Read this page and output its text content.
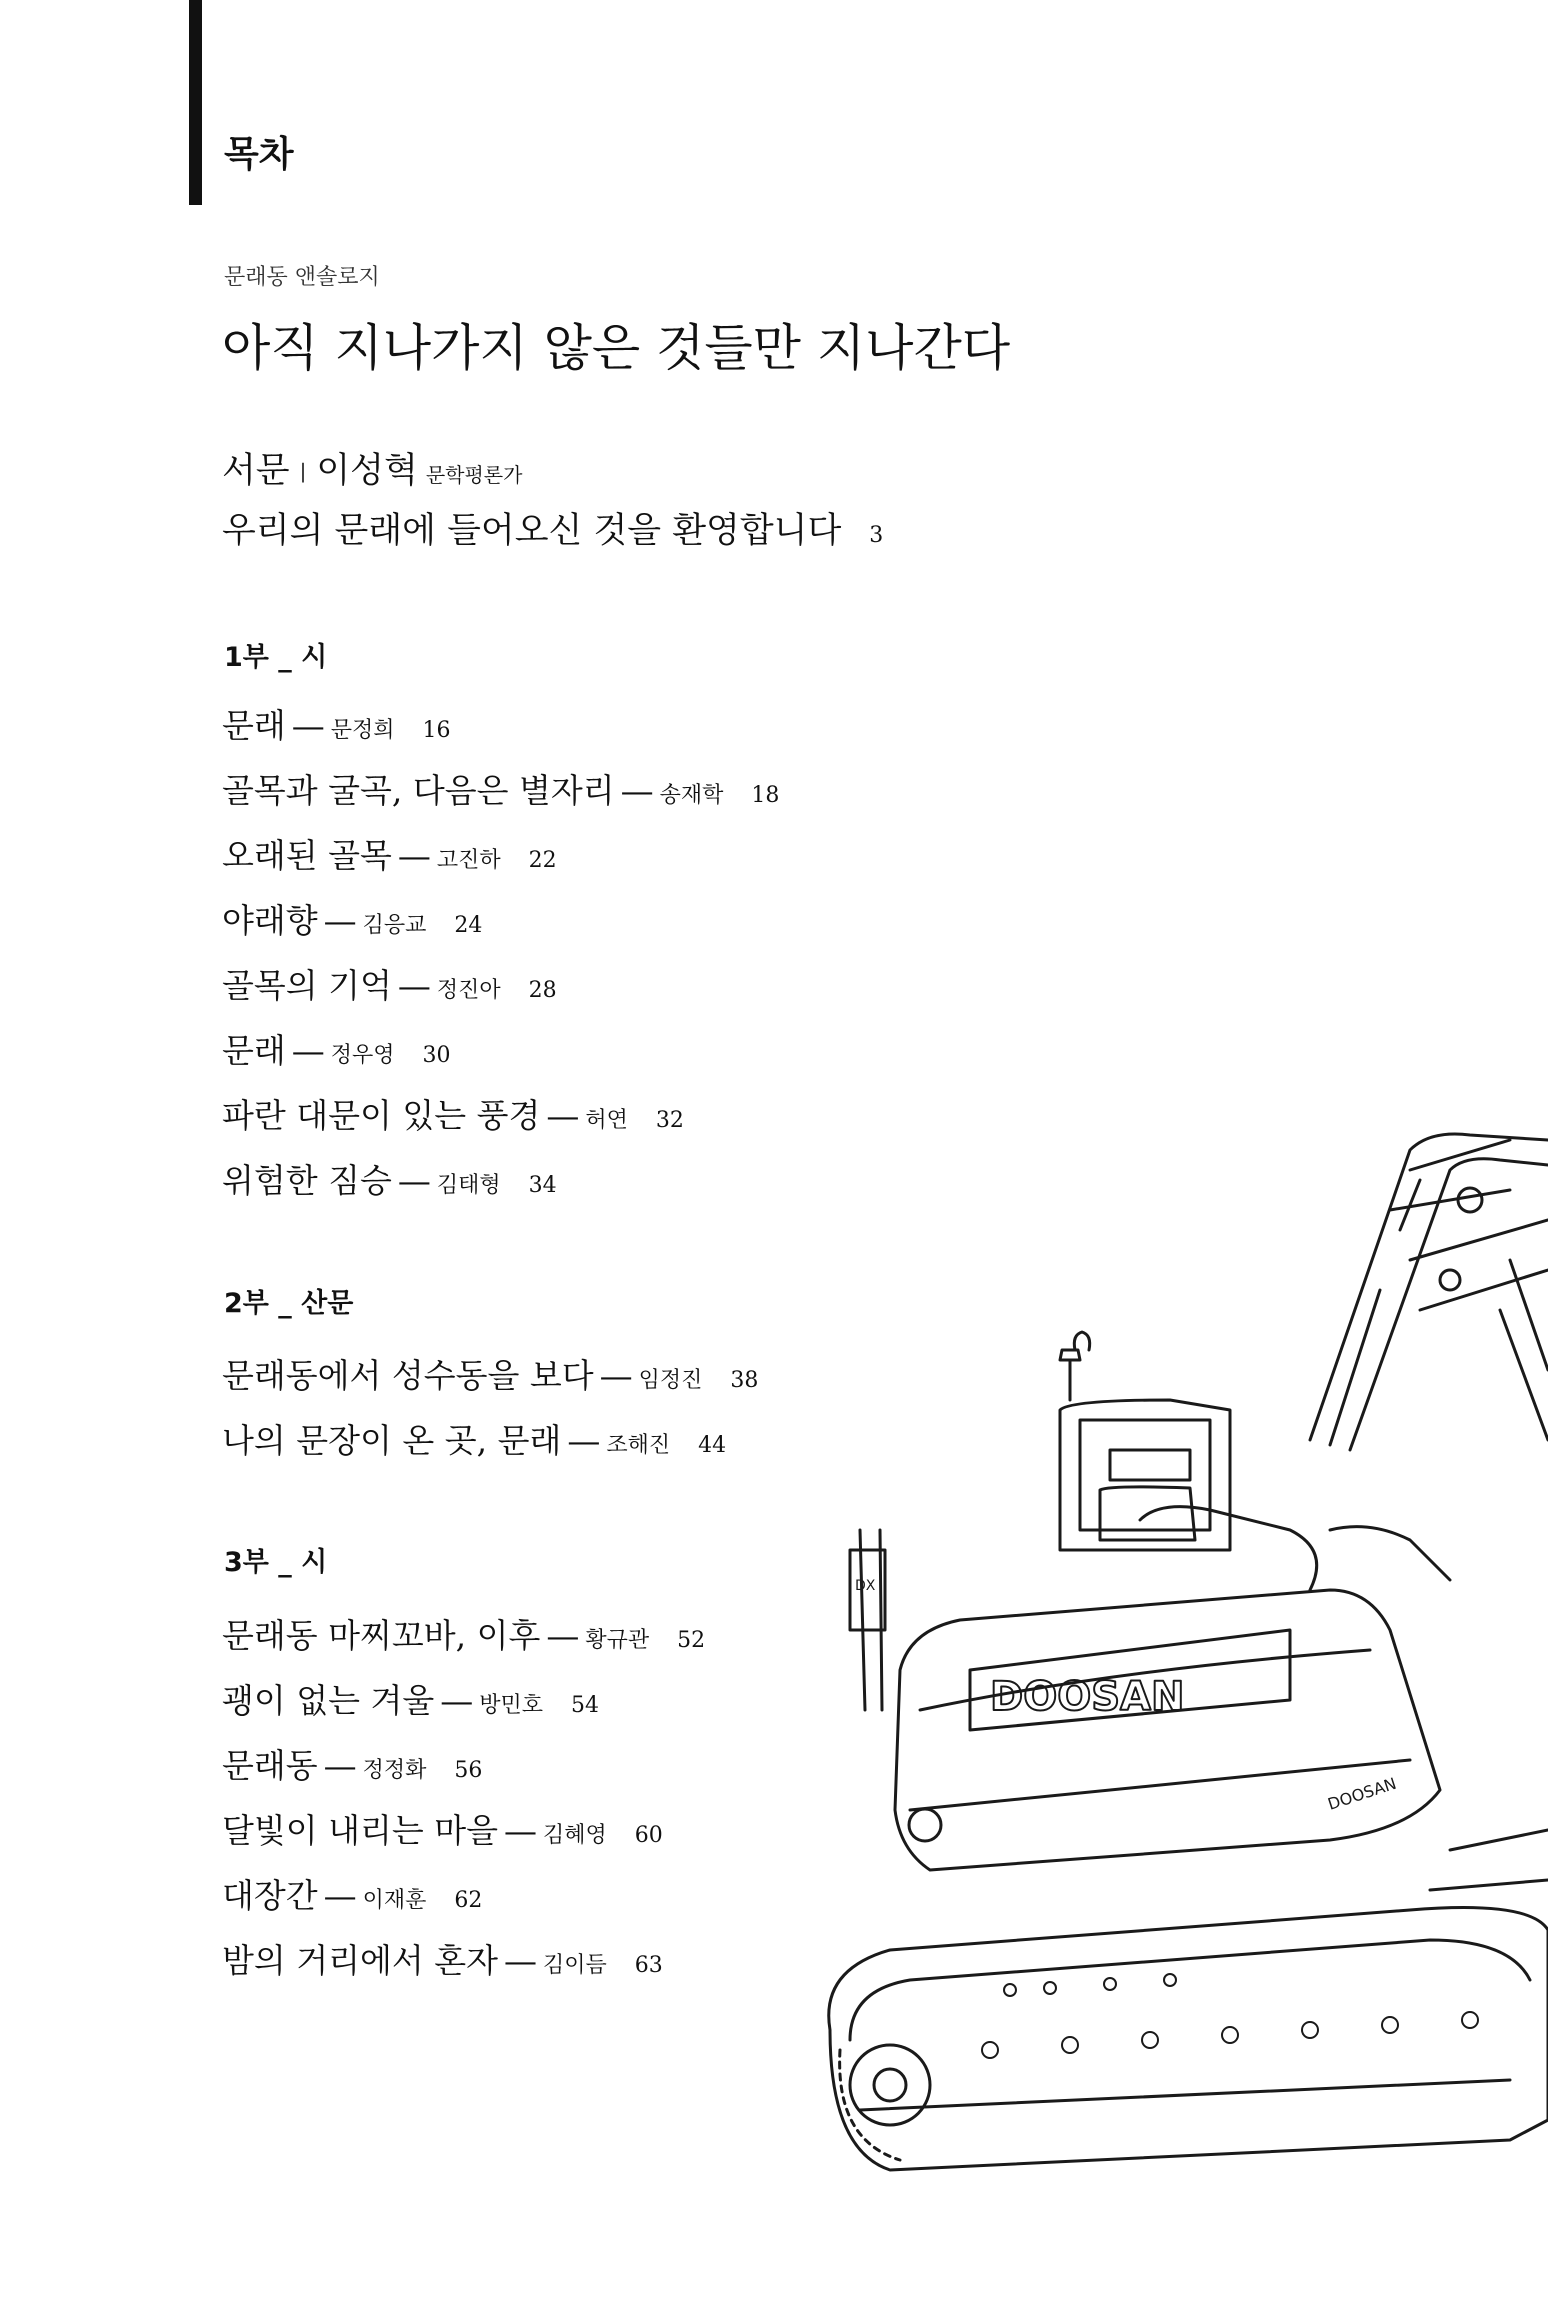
목차
문래동 앤솔로지
아직 지나가지 않은 것들만 지나간다
서문 | 이성혁 문학평론가
우리의 문래에 들어오신 것을 환영합니다 3
1부 _ 시
문래 — 문정희 16
골목과 굴곡, 다음은 별자리 — 송재학 18
오래된 골목 — 고진하 22
야래향 — 김응교 24
골목의 기억 — 정진아 28
문래 — 정우영 30
파란 대문이 있는 풍경 — 허연 32
위험한 짐승 — 김태형 34
2부 _ 산문
문래동에서 성수동을 보다 — 임정진 38
나의 문장이 온 곳, 문래 — 조해진 44
3부 _ 시
문래동 마찌꼬바, 이후 — 황규관 52
괭이 없는 겨울 — 방민호 54
문래동 — 정정화 56
달빛이 내리는 마을 — 김혜영 60
대장간 — 이재훈 62
밤의 거리에서 혼자 — 김이듬 63
DOOSAN
DOOSAN
DX
